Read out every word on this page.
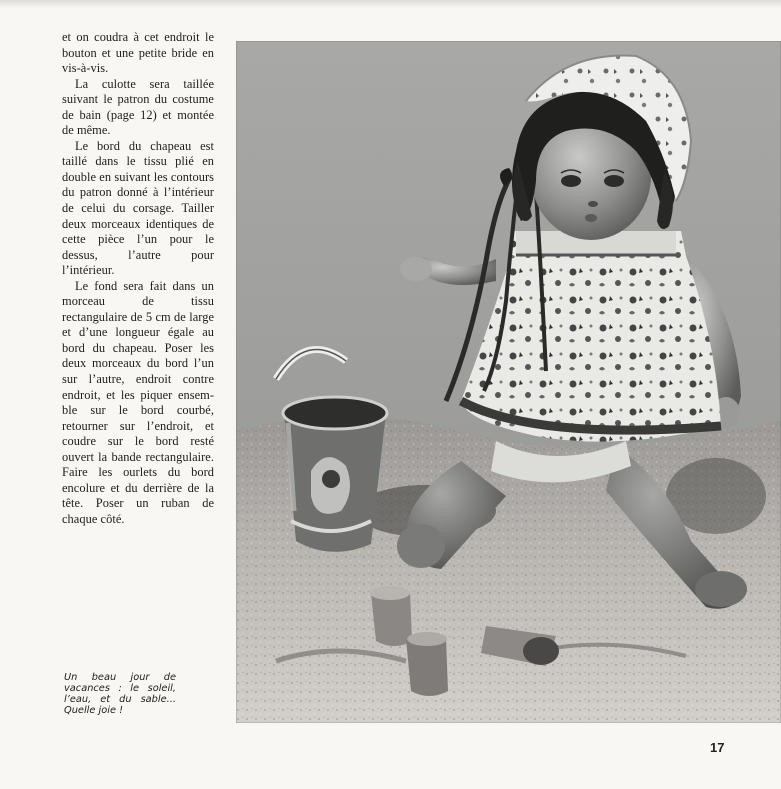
et on coudra à cet endroit le bouton et une petite bride en vis-à-vis.

La culotte sera taillée suivant le patron du costume de bain (page 12) et montée de même.

Le bord du chapeau est taillé dans le tissu plié en double en suivant les contours du patron donné à l’intérieur de celui du corsage. Tailler deux morceaux identiques de cette pièce l’un pour le dessus, l’autre pour l’intérieur.

Le fond sera fait dans un morceau de tissu rectangulaire de 5 cm de large et d’une longueur égale au bord du chapeau. Poser les deux morceaux du bord l’un sur l’autre, endroit contre endroit, et les piquer ensemble sur le bord courbé, retourner sur l’endroit, et coudre sur le bord resté ouvert la bande rectangulaire. Faire les ourlets du bord encolure et du derrière de la tête. Poser un ruban de chaque côté.

Un beau jour de vacances : le soleil, l’eau, et du sable... Quelle joie !
17
